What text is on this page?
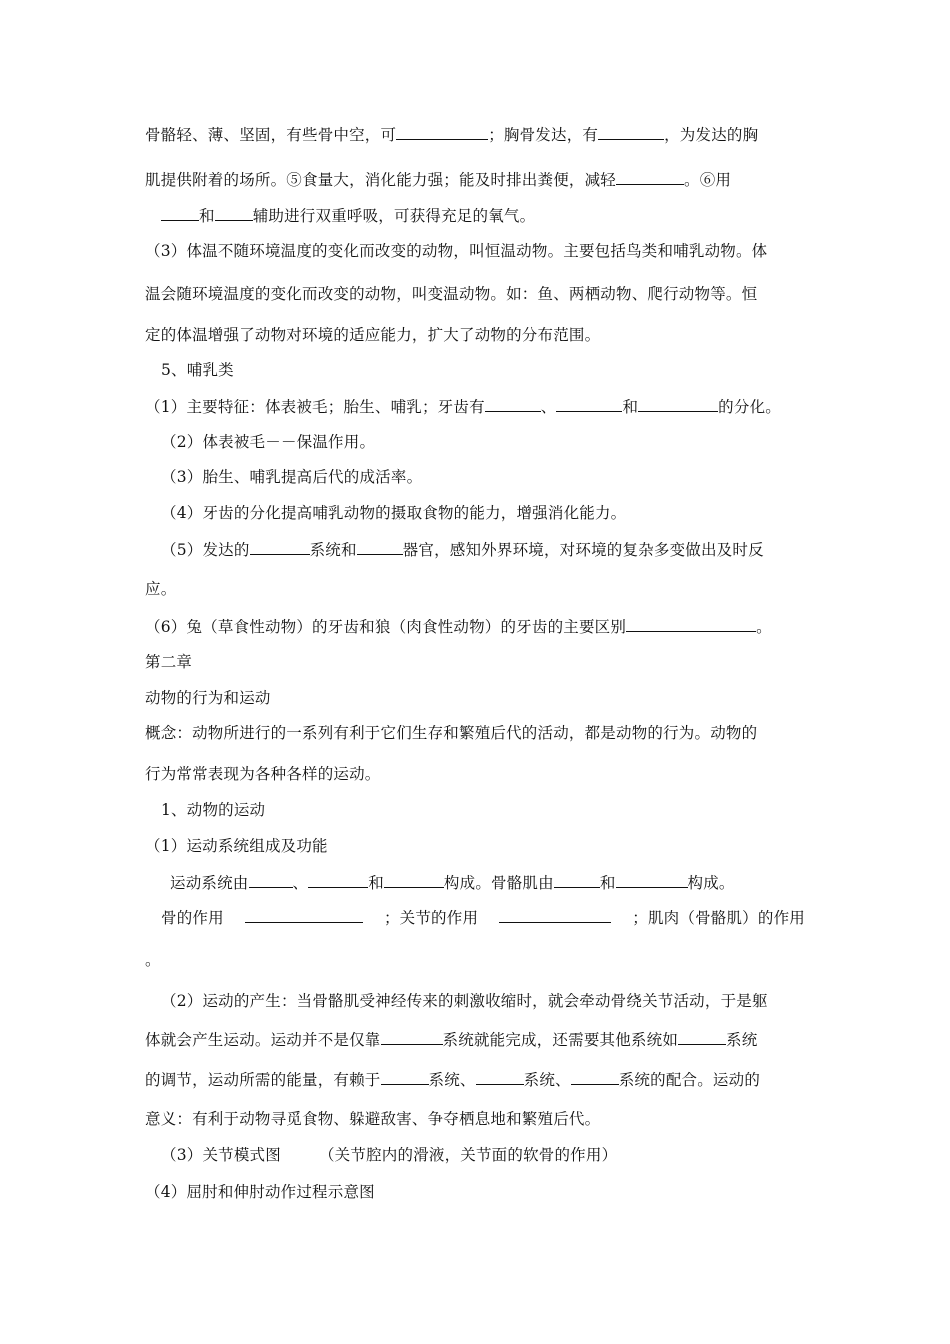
骨骼轻、薄、坚固，有些骨中空，可	；胸骨发达，有	，为发达的胸
肌提供附着的场所。⑤食量大，消化能力强；能及时排出粪便，减轻	。⑥用
和 辅助进行双重呼吸，可获得充足的氧气。
（3）体温不随环境温度的变化而改变的动物，叫恒温动物。主要包括鸟类和哺乳动物。体
温会随环境温度的变化而改变的动物，叫变温动物。如：鱼、两栖动物、爬行动物等。恒
定的体温增强了动物对环境的适应能力，扩大了动物的分布范围。
5、哺乳类
（1）主要特征：体表被毛；胎生、哺乳；牙齿有	、	和	的分化。
（2）体表被毛－－保温作用。
（3）胎生、哺乳提高后代的成活率。
（4）牙齿的分化提高哺乳动物的摄取食物的能力，增强消化能力。
（5）发达的	系统和	器官，感知外界环境，对环境的复杂多变做出及时反
应。
（6）兔（草食性动物）的牙齿和狼（肉食性动物）的牙齿的主要区别	。
第二章
动物的行为和运动
概念：动物所进行的一系列有利于它们生存和繁殖后代的活动，都是动物的行为。动物的
行为常常表现为各种各样的运动。
1、动物的运动
（1）运动系统组成及功能
运动系统由	、	和	构成。骨骼肌由	和	构成。
骨的作用	；关节的作用	；肌肉（骨骼肌）的作用
。
（2）运动的产生：当骨骼肌受神经传来的刺激收缩时，就会牵动骨绕关节活动，于是躯
体就会产生运动。运动并不是仅靠	系统就能完成，还需要其他系统如	系统
的调节，运动所需的能量，有赖于	系统、	系统、	系统的配合。运动的
意义：有利于动物寻觅食物、躲避敌害、争夺栖息地和繁殖后代。
（3）关节模式图 （关节腔内的滑液，关节面的软骨的作用）
（4）屈肘和伸肘动作过程示意图
